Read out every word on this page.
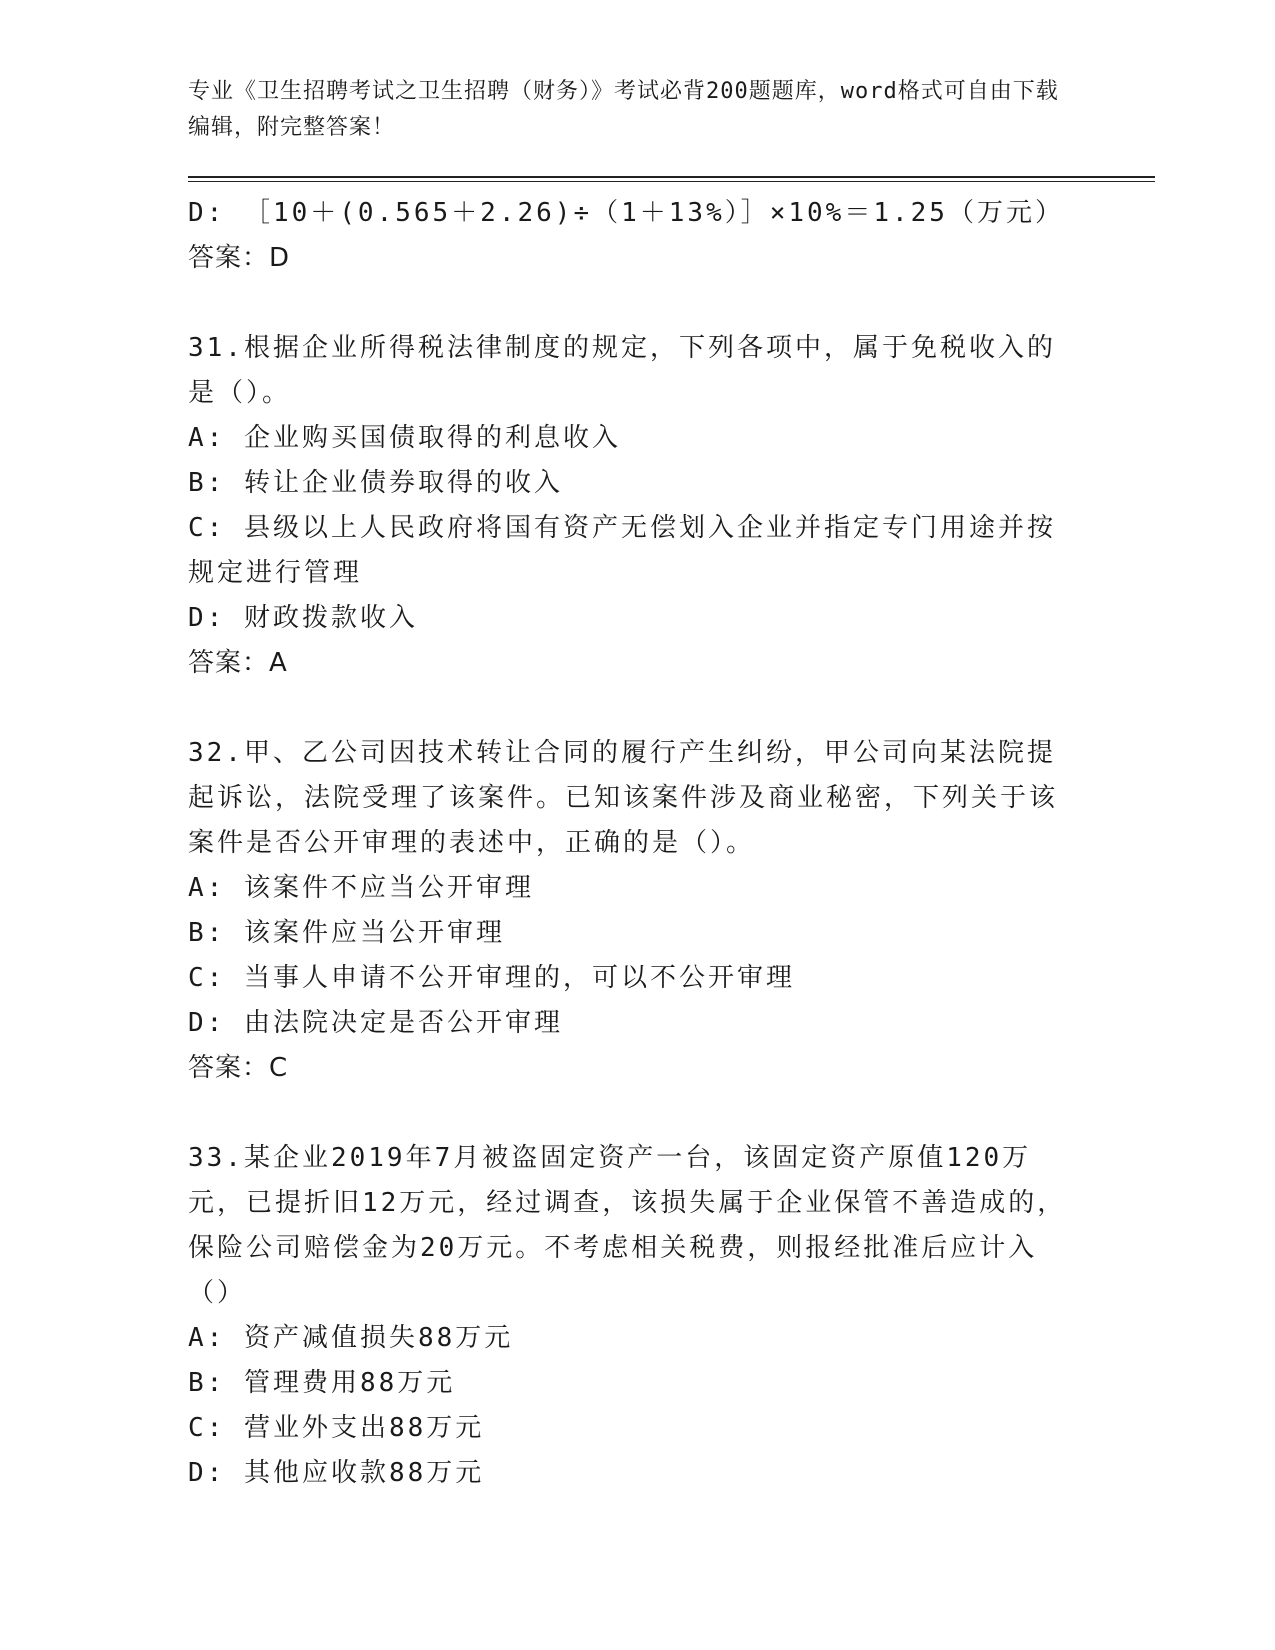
专业《卫生招聘考试之卫生招聘（财务）》考试必背200题题库，word格式可自由下载编辑，附完整答案！
D: ［10＋(0.565＋2.26)÷（1＋13%）］×10%＝1.25（万元）
答案：D
31.根据企业所得税法律制度的规定，下列各项中，属于免税收入的是（）。
A: 企业购买国债取得的利息收入
B: 转让企业债券取得的收入
C: 县级以上人民政府将国有资产无偿划入企业并指定专门用途并按规定进行管理
D: 财政拨款收入
答案：A
32.甲、乙公司因技术转让合同的履行产生纠纷，甲公司向某法院提起诉讼，法院受理了该案件。已知该案件涉及商业秘密，下列关于该案件是否公开审理的表述中，正确的是（）。
A: 该案件不应当公开审理
B: 该案件应当公开审理
C: 当事人申请不公开审理的，可以不公开审理
D: 由法院决定是否公开审理
答案：C
33.某企业2019年7月被盗固定资产一台，该固定资产原值120万元，已提折旧12万元，经过调查，该损失属于企业保管不善造成的，保险公司赔偿金为20万元。不考虑相关税费，则报经批准后应计入（）
A: 资产减值损失88万元
B: 管理费用88万元
C: 营业外支出88万元
D: 其他应收款88万元
